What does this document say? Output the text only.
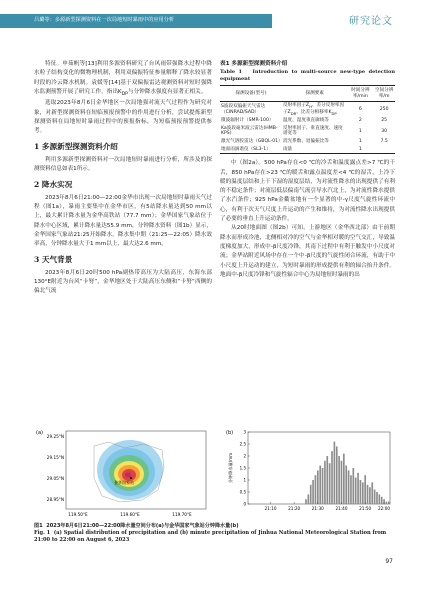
吕璐等：多源新型探测资料在一次局地短时暴雨中的应用分析	研究论文

特征。申茹帆等[13]利用多源资料研究了台风雨带强降水过程中降水粒子结构变化的微物理机制，利用双偏振特征参量解释了降水较显著时段的冷云降水机制。袁媛等[14]基于双偏振雷达观测资料对短时强降水监测预警开展了研究工作，指出$K_{DP}$与分钟降水强度有显著正相关。

选取2023年8月6日金华地区一次局地强对流天气过程作为研究对象，对新型探测资料在短临预报预警中的作用进行分析，尝试提炼新型探测资料在局地短时暴雨过程中的预报指标，为短临预报预警提供参考。

1 多源新型探测资料介绍

利用多源新型探测资料对一次局地短时暴雨进行分析，所涉及的探测资料信息如表1所示。

2 降水实况

2023年8月6日21:00—22:00金华市出现一次局地短时暴雨天气过程（图1a），暴雨主要集中在金华市区，有5站降水量达到50 mm以上，最大累计降水量为金华高铁站（77.7 mm）；金华国家气象站位于降水中心区域，累计降水量达55.9 mm，分钟降水资料（图1b）显示，金华国家气象站21:25开始降水，降水集中期（21:25—22:05）降水效率高，分钟降水量大于1 mm以上，最大达2.6 mm。

3 天气背景

2023年8月6日20时500 hPa副热带高压为大陆高压，东海东部130°E附近为台风“卡努”，金华地区处于大陆高压东侧和“卡努”西侧的偏北气流

表1 多源新型探测资料介绍
Table 1 Introduction to multi-source new-type detection equipment
探测设备(型号)	探测要素	时间分辨率/min	空间分辨率/m
S波段双偏振天气雷达（CINRAD/SAD）	反射率因子$Z_H$、差分反射率因子$Z_{DR}$、比差分相移率$K_{DP}$	6	250
微波辐射计（SMR-100）	温度、湿度垂直廓线等	2	25
Ka波段毫米波云雷达(HMB-KPS)	反射率因子、垂直速度、速度谱宽等	1	30
激光气溶胶雷达（GBQL-01）	消光系数、退偏振比等	1	7.5
地面雨滴谱仪（SL3-1）	雨量	1	

中（图2a）。500 hPa存在<0 ℃的冷舌和温度露点差>7 ℃的干舌，850 hPa存在>23 ℃的暖舌和露点温度差<4 ℃的湿舌，上冷下暖的温度层结和上干下湿的湿度层结，为对流性降水的出现提供了有利的不稳定条件；对流层低层偏南气流引导水汽北上，为对流性降水提供了水汽条件；925 hPa金衢盆地有一个显著的中-γ尺度气旋性环流中心，有利于次天气尺度上升运动的产生和维持，为对流性降水出现提供了必要的垂直上升运动条件。

从20时地面图（图2b）可知，上游地区（金华西北部）由于前期降水而形成冷池，北侧相对冷的空气与金华相对暖的空气交汇，导致温度梯度加大，形成中-β尺度冷锋，其南下过程中有利于触发中小尺度对流；金华站附近风场中存在一个中-β尺度的气旋性闭合环流，有助于中小尺度上升运动的建立，为短时暴雨的形成提供有利的辐合抬升条件。地面中-β尺度冷锋和气旋性辐合中心为局地短时暴雨的出

(a)
金华国家站
29.25°N
29.15°N
29.05°N
28.95°N
119.50°E	119.60°E	119.70°E
(b)
0
0.5
1
1.5
2
2.5
3
分钟降水量/mm
21:10	21:20	21:30	21:40	21:50 22:00
图1 2023年8月6日21:00—22:00降水量空间分布(a)与金华国家气象站分钟降水量(b)
Fig. 1 (a) Spatial distribution of precipitation and (b) minute precipitation of Jinhua National Meteorological Station from 21:00 to 22:00 on August 6, 2023
97
